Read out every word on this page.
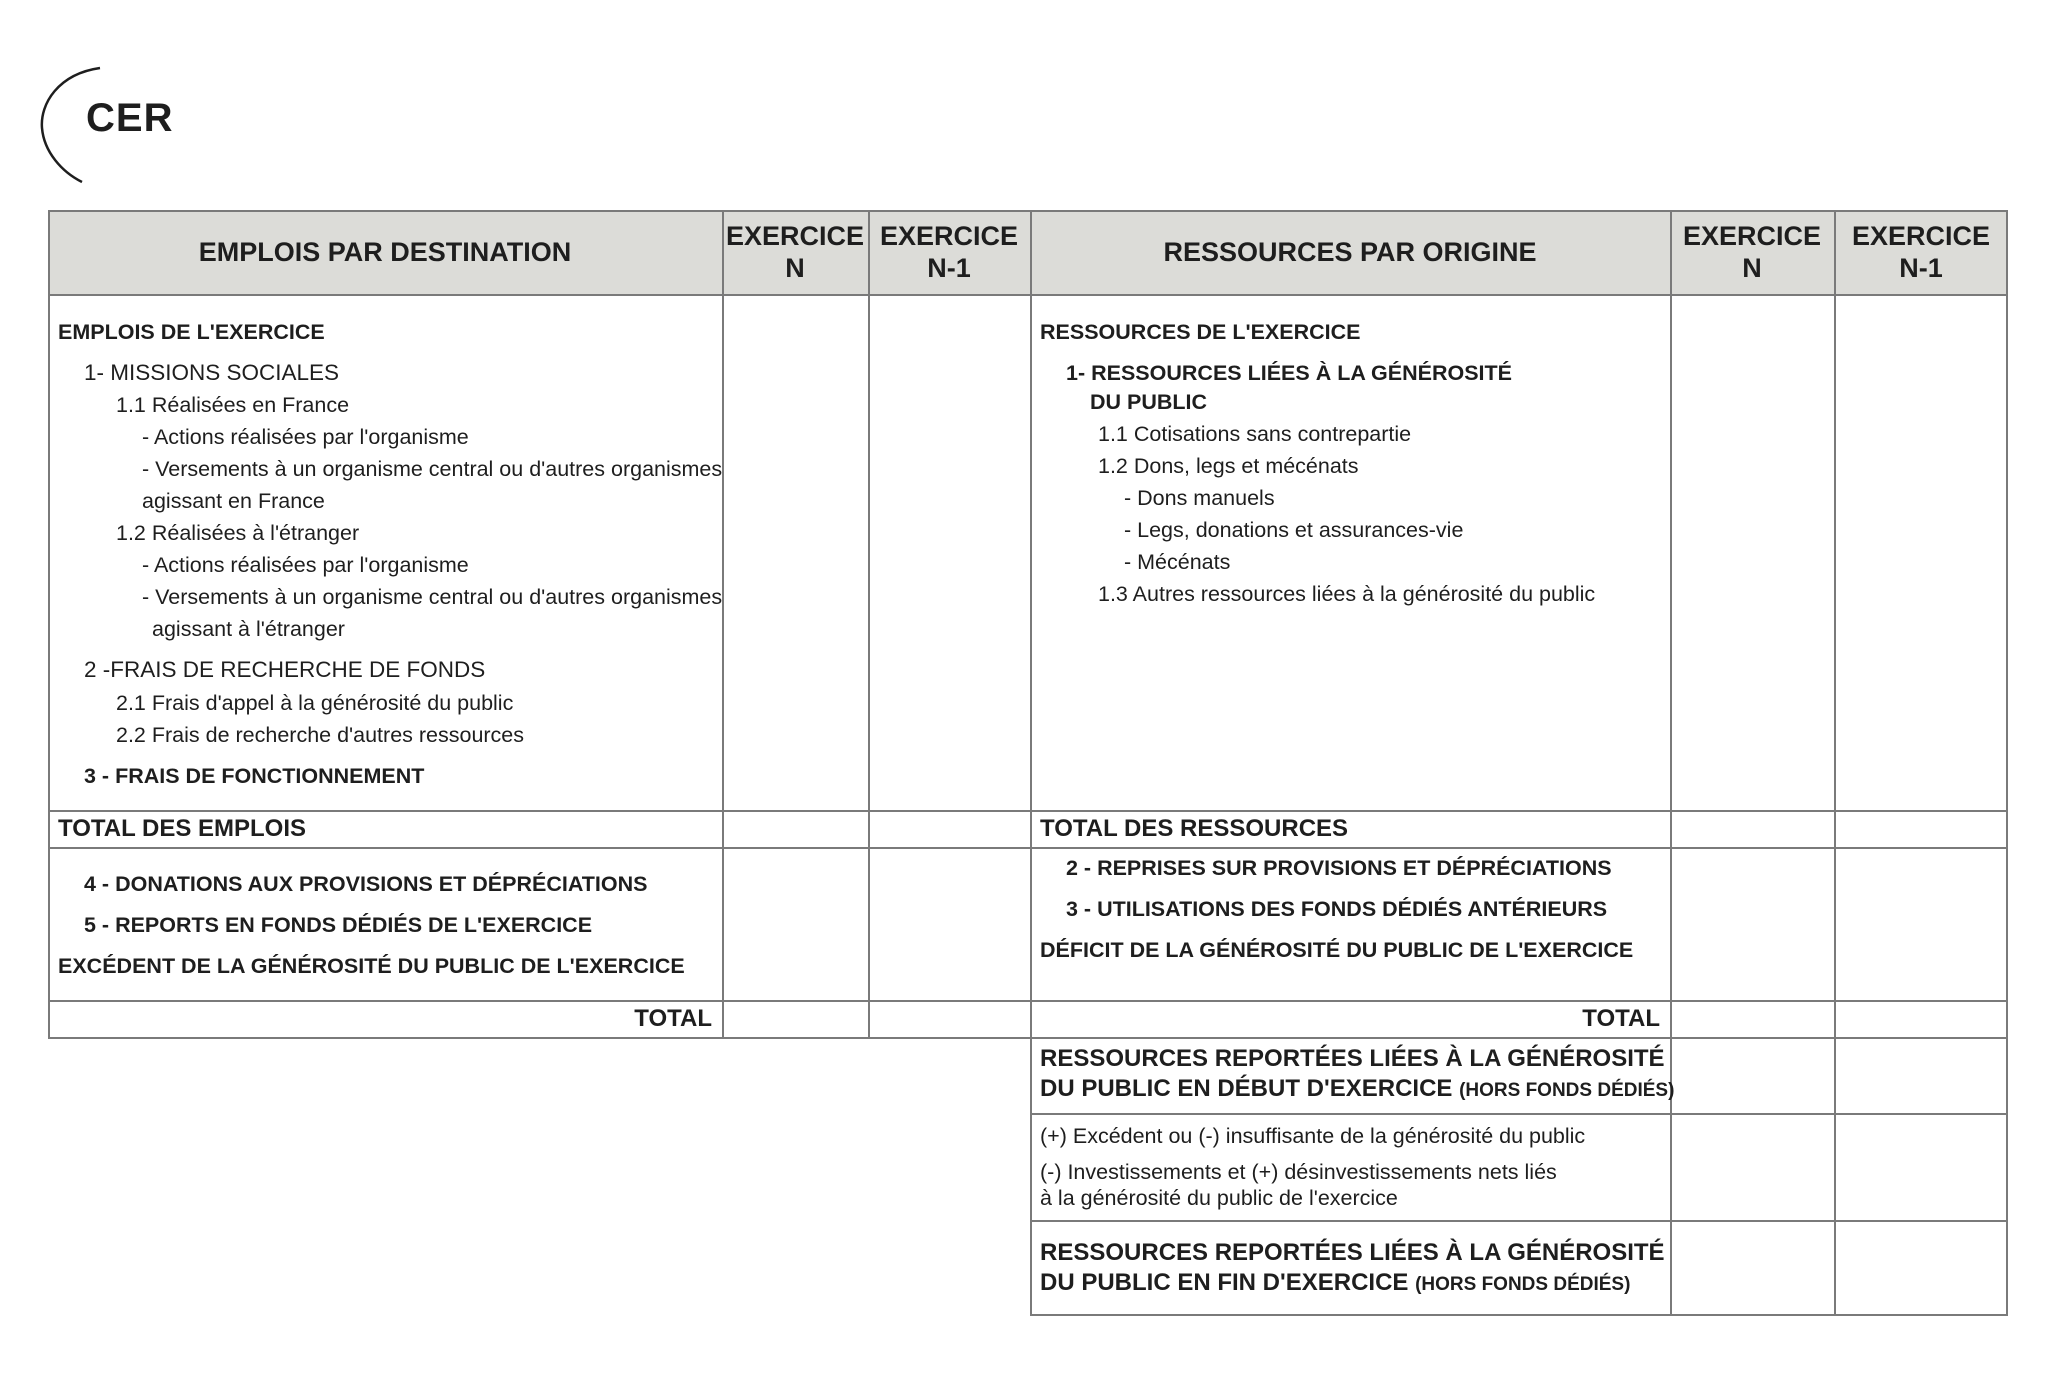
CER
EMPLOIS PAR DESTINATION
EXERCICE
N
EXERCICE
N-1
RESSOURCES PAR ORIGINE
EXERCICE
N
EXERCICE
N-1
EMPLOIS DE L'EXERCICE
1- MISSIONS SOCIALES
1.1 Réalisées en France
- Actions réalisées par l'organisme
- Versements à un organisme central ou d'autres organismes
agissant en France
1.2 Réalisées à l'étranger
- Actions réalisées par l'organisme
- Versements à un organisme central ou d'autres organismes
agissant à l'étranger
2 -FRAIS DE RECHERCHE DE FONDS
2.1 Frais d'appel à la générosité du public
2.2 Frais de recherche d'autres ressources
3 - FRAIS DE FONCTIONNEMENT
TOTAL DES EMPLOIS
4 - DONATIONS AUX PROVISIONS ET DÉPRÉCIATIONS
5 - REPORTS EN FONDS DÉDIÉS DE L'EXERCICE
EXCÉDENT DE LA GÉNÉROSITÉ DU PUBLIC DE L'EXERCICE
TOTAL
RESSOURCES DE L'EXERCICE
1- RESSOURCES LIÉES À LA GÉNÉROSITÉ
DU PUBLIC
1.1 Cotisations sans contrepartie
1.2 Dons, legs et mécénats
- Dons manuels
- Legs, donations et assurances-vie
- Mécénats
1.3 Autres ressources liées à la générosité du public
TOTAL DES RESSOURCES
2 - REPRISES SUR PROVISIONS ET DÉPRÉCIATIONS
3 - UTILISATIONS DES FONDS DÉDIÉS ANTÉRIEURS
DÉFICIT DE LA GÉNÉROSITÉ DU PUBLIC DE L'EXERCICE
TOTAL
RESSOURCES REPORTÉES LIÉES À LA GÉNÉROSITÉ
DU PUBLIC EN DÉBUT D'EXERCICE (HORS FONDS DÉDIÉS)
(+) Excédent ou (-) insuffisante de la générosité du public
(-) Investissements et (+) désinvestissements nets liés
à la générosité du public de l'exercice
RESSOURCES REPORTÉES LIÉES À LA GÉNÉROSITÉ
DU PUBLIC EN FIN D'EXERCICE (HORS FONDS DÉDIÉS)
